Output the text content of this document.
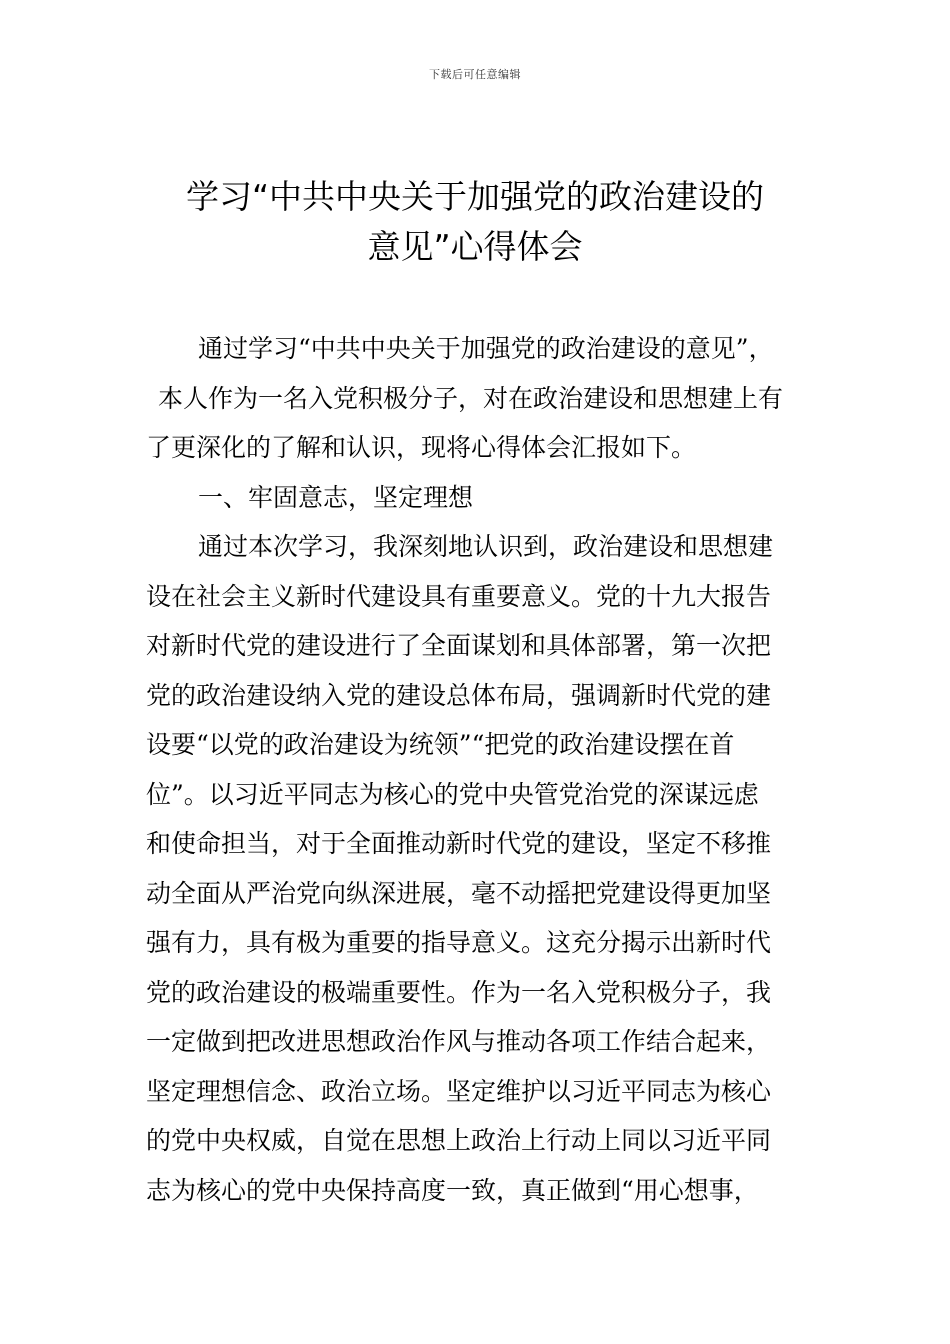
下载后可任意编辑
学习“中共中央关于加强党的政治建设的
意见”心得体会
通过学习“中共中央关于加强党的政治建设的意见”，
本人作为一名入党积极分子，对在政治建设和思想建上有
了更深化的了解和认识，现将心得体会汇报如下。
一、牢固意志，坚定理想
通过本次学习，我深刻地认识到，政治建设和思想建
设在社会主义新时代建设具有重要意义。党的十九大报告
对新时代党的建设进行了全面谋划和具体部署，第一次把
党的政治建设纳入党的建设总体布局，强调新时代党的建
设要“以党的政治建设为统领”“把党的政治建设摆在首
位”。以习近平同志为核心的党中央管党治党的深谋远虑
和使命担当，对于全面推动新时代党的建设，坚定不移推
动全面从严治党向纵深进展，毫不动摇把党建设得更加坚
强有力，具有极为重要的指导意义。这充分揭示出新时代
党的政治建设的极端重要性。作为一名入党积极分子，我
一定做到把改进思想政治作风与推动各项工作结合起来，
坚定理想信念、政治立场。坚定维护以习近平同志为核心
的党中央权威，自觉在思想上政治上行动上同以习近平同
志为核心的党中央保持高度一致，真正做到“用心想事，
